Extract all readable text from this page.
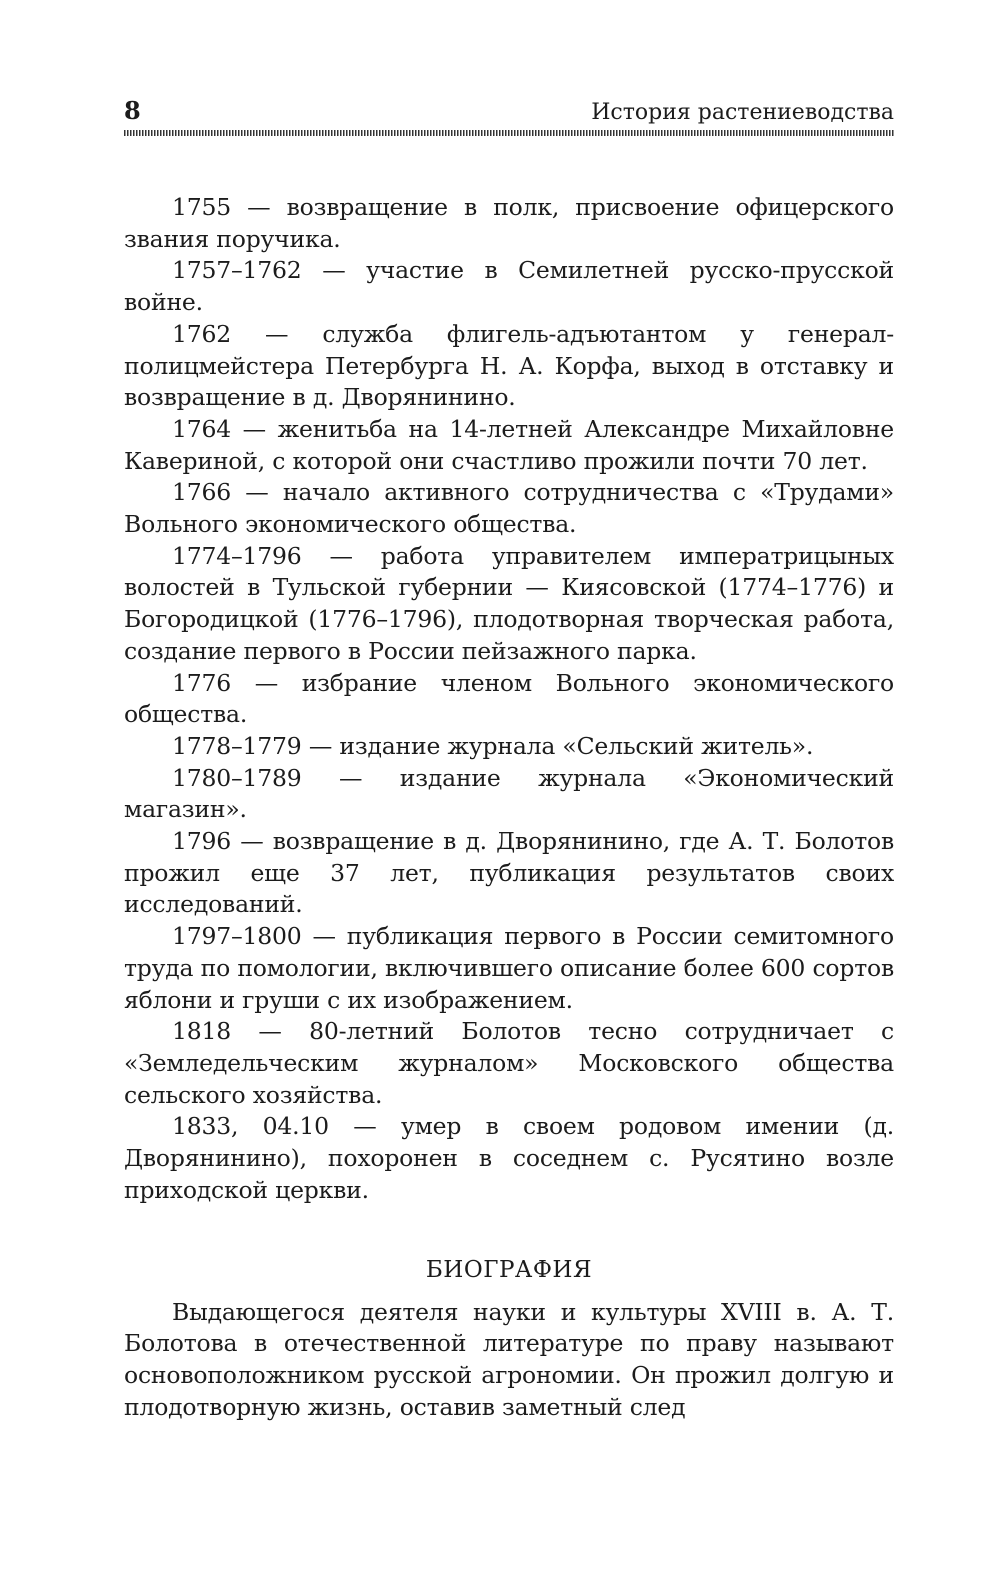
8	История растениеводства

1755 — возвращение в полк, присвоение офицерского звания поручика.

1757–1762 — участие в Семилетней русско-прусской войне.

1762 — служба флигель-адъютантом у генерал-полицмейстера Петербурга Н. А. Корфа, выход в отставку и возвращение в д. Дворянинино.

1764 — женитьба на 14-летней Александре Михайловне Кавериной, с которой они счастливо прожили почти 70 лет.

1766 — начало активного сотрудничества с «Трудами» Вольного экономического общества.

1774–1796 — работа управителем императрицыных волостей в Тульской губернии — Киясовской (1774–1776) и Богородицкой (1776–1796), плодотворная творческая работа, создание первого в России пейзажного парка.

1776 — избрание членом Вольного экономического общества.

1778–1779 — издание журнала «Сельский житель».

1780–1789 — издание журнала «Экономический магазин».

1796 — возвращение в д. Дворянинино, где А. Т. Болотов прожил еще 37 лет, публикация результатов своих исследований.

1797–1800 — публикация первого в России семитомного труда по помологии, включившего описание более 600 сортов яблони и груши с их изображением.

1818 — 80-летний Болотов тесно сотрудничает с «Земледельческим журналом» Московского общества сельского хозяйства.

1833, 04.10 — умер в своем родовом имении (д. Дворянинино), похоронен в соседнем с. Русятино возле приходской церкви.

БИОГРАФИЯ

Выдающегося деятеля науки и культуры XVIII в. А. Т. Болотова в отечественной литературе по праву называют основоположником русской агрономии. Он прожил долгую и плодотворную жизнь, оставив заметный след
